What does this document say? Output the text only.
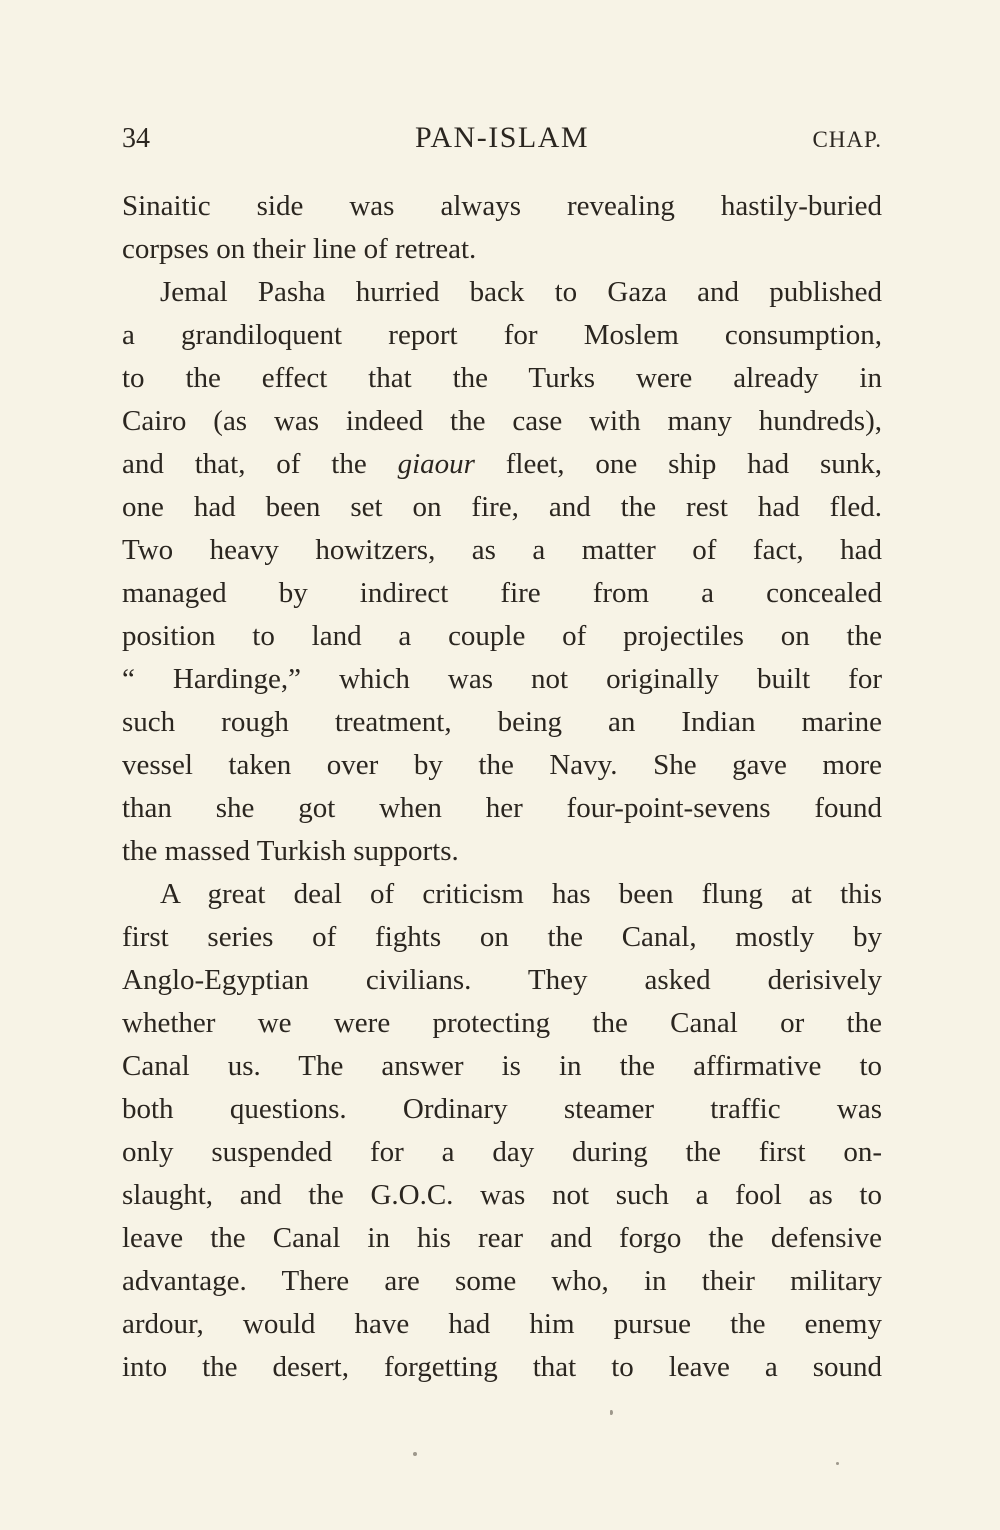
34	PAN-ISLAM	CHAP.
Sinaitic side was always revealing hastily-buried
corpses on their line of retreat.
Jemal Pasha hurried back to Gaza and published
a grandiloquent report for Moslem consumption,
to the effect that the Turks were already in
Cairo (as was indeed the case with many hundreds),
and that, of the giaour fleet, one ship had sunk,
one had been set on fire, and the rest had fled.
Two heavy howitzers, as a matter of fact, had
managed by indirect fire from a concealed
position to land a couple of projectiles on the
“ Hardinge,” which was not originally built for
such rough treatment, being an Indian marine
vessel taken over by the Navy. She gave more
than she got when her four-point-sevens found
the massed Turkish supports.
A great deal of criticism has been flung at this
first series of fights on the Canal, mostly by
Anglo-Egyptian civilians. They asked derisively
whether we were protecting the Canal or the
Canal us. The answer is in the affirmative to
both questions. Ordinary steamer traffic was
only suspended for a day during the first on-
slaught, and the G.O.C. was not such a fool as to
leave the Canal in his rear and forgo the defensive
advantage. There are some who, in their military
ardour, would have had him pursue the enemy
into the desert, forgetting that to leave a sound
